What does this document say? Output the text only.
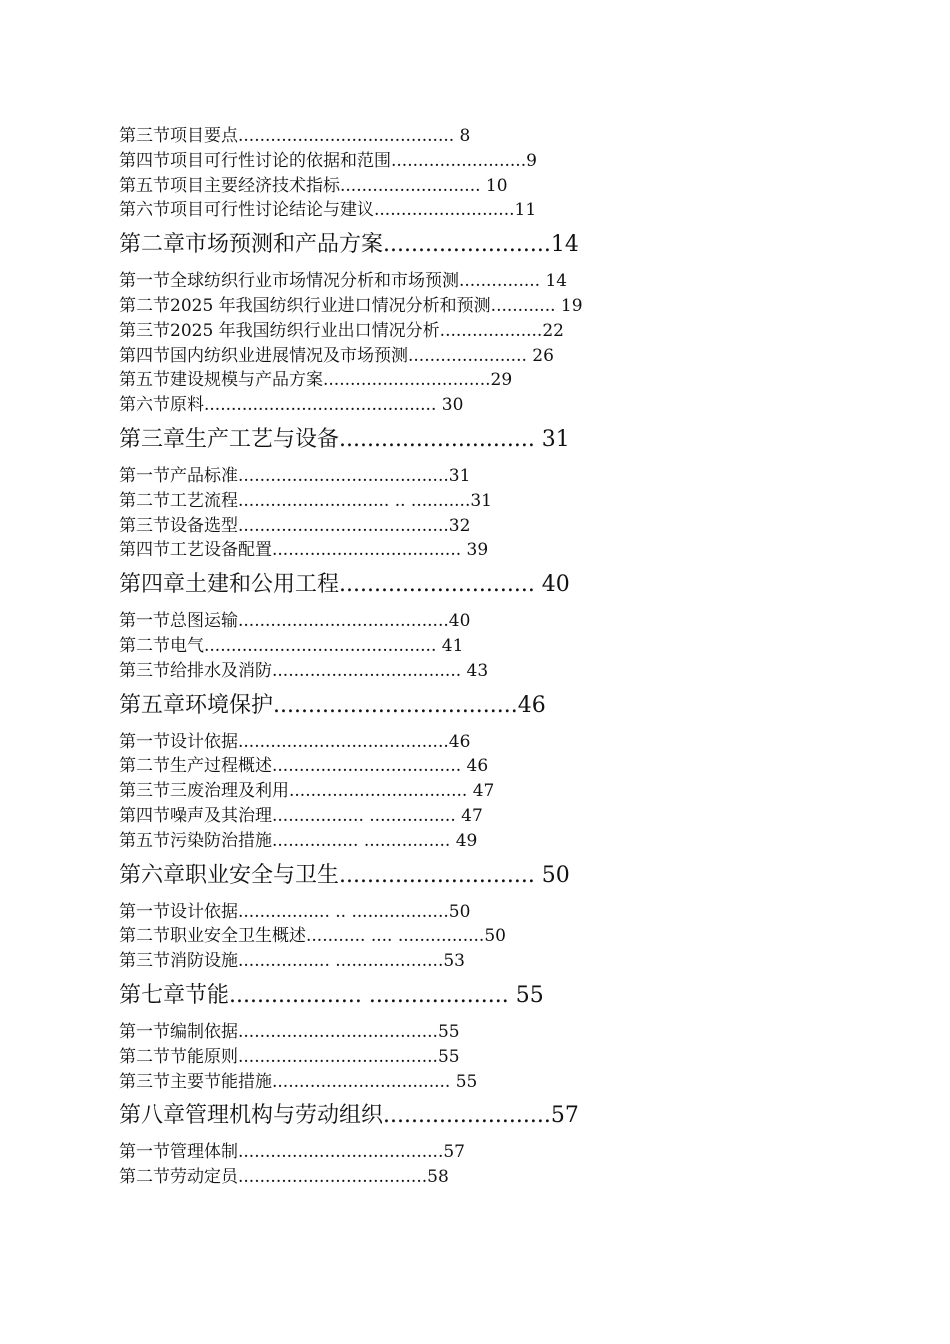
第三节项目要点........................................ 8
第四节项目可行性讨论的依据和范围.........................9
第五节项目主要经济技术指标.......................... 10
第六节项目可行性讨论结论与建议..........................11
第二章市场预测和产品方案........................14
第一节全球纺织行业市场情况分析和市场预测............... 14
第二节2025 年我国纺织行业进口情况分析和预测............ 19
第三节2025 年我国纺织行业出口情况分析...................22
第四节国内纺织业进展情况及市场预测...................... 26
第五节建设规模与产品方案...............................29
第六节原料........................................... 30
第三章生产工艺与设备............................ 31
第一节产品标准.......................................31
第二节工艺流程............................ .. ...........31
第三节设备选型.......................................32
第四节工艺设备配置................................... 39
第四章土建和公用工程............................ 40
第一节总图运输.......................................40
第二节电气........................................... 41
第三节给排水及消防................................... 43
第五章环境保护...................................46
第一节设计依据.......................................46
第二节生产过程概述................................... 46
第三节三废治理及利用................................. 47
第四节噪声及其治理................. ................ 47
第五节污染防治措施................ ................ 49
第六章职业安全与卫生............................ 50
第一节设计依据................. .. ..................50
第二节职业安全卫生概述........... .... ................50
第三节消防设施................. ....................53
第七章节能................... .................... 55
第一节编制依据.....................................55
第二节节能原则.....................................55
第三节主要节能措施................................. 55
第八章管理机构与劳动组织........................57
第一节管理体制......................................57
第二节劳动定员...................................58
